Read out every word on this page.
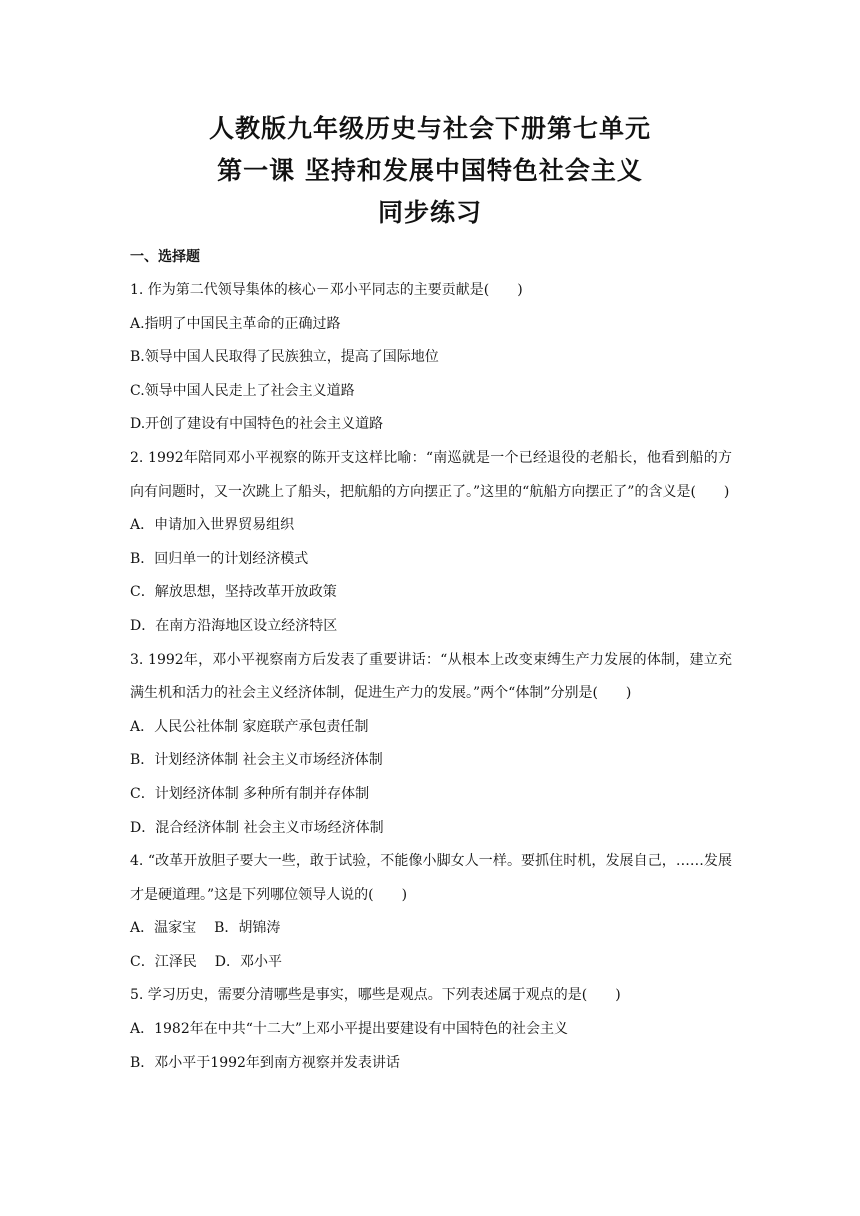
人教版九年级历史与社会下册第七单元
第一课 坚持和发展中国特色社会主义
同步练习
一、选择题
1. 作为第二代领导集体的核心－邓小平同志的主要贡献是(　　)
A.指明了中国民主革命的正确过路
B.领导中国人民取得了民族独立，提高了国际地位
C.领导中国人民走上了社会主义道路
D.开创了建设有中国特色的社会主义道路
2. 1992年陪同邓小平视察的陈开支这样比喻：“南巡就是一个已经退役的老船长，他看到船的方向有问题时，又一次跳上了船头，把航船的方向摆正了。”这里的“航船方向摆正了”的含义是(　　)
A．申请加入世界贸易组织
B．回归单一的计划经济模式
C．解放思想，坚持改革开放政策
D．在南方沿海地区设立经济特区
3. 1992年，邓小平视察南方后发表了重要讲话：“从根本上改变束缚生产力发展的体制，建立充满生机和活力的社会主义经济体制，促进生产力的发展。”两个“体制”分别是(　　)
A．人民公社体制 家庭联产承包责任制
B．计划经济体制 社会主义市场经济体制
C．计划经济体制 多种所有制并存体制
D．混合经济体制 社会主义市场经济体制
4. “改革开放胆子要大一些，敢于试验，不能像小脚女人一样。要抓住时机，发展自己，……发展才是硬道理。”这是下列哪位领导人说的(　　)
A．温家宝 B．胡锦涛
C．江泽民 D．邓小平
5. 学习历史，需要分清哪些是事实，哪些是观点。下列表述属于观点的是(　　)
A．1982年在中共“十二大”上邓小平提出要建设有中国特色的社会主义
B．邓小平于1992年到南方视察并发表讲话
